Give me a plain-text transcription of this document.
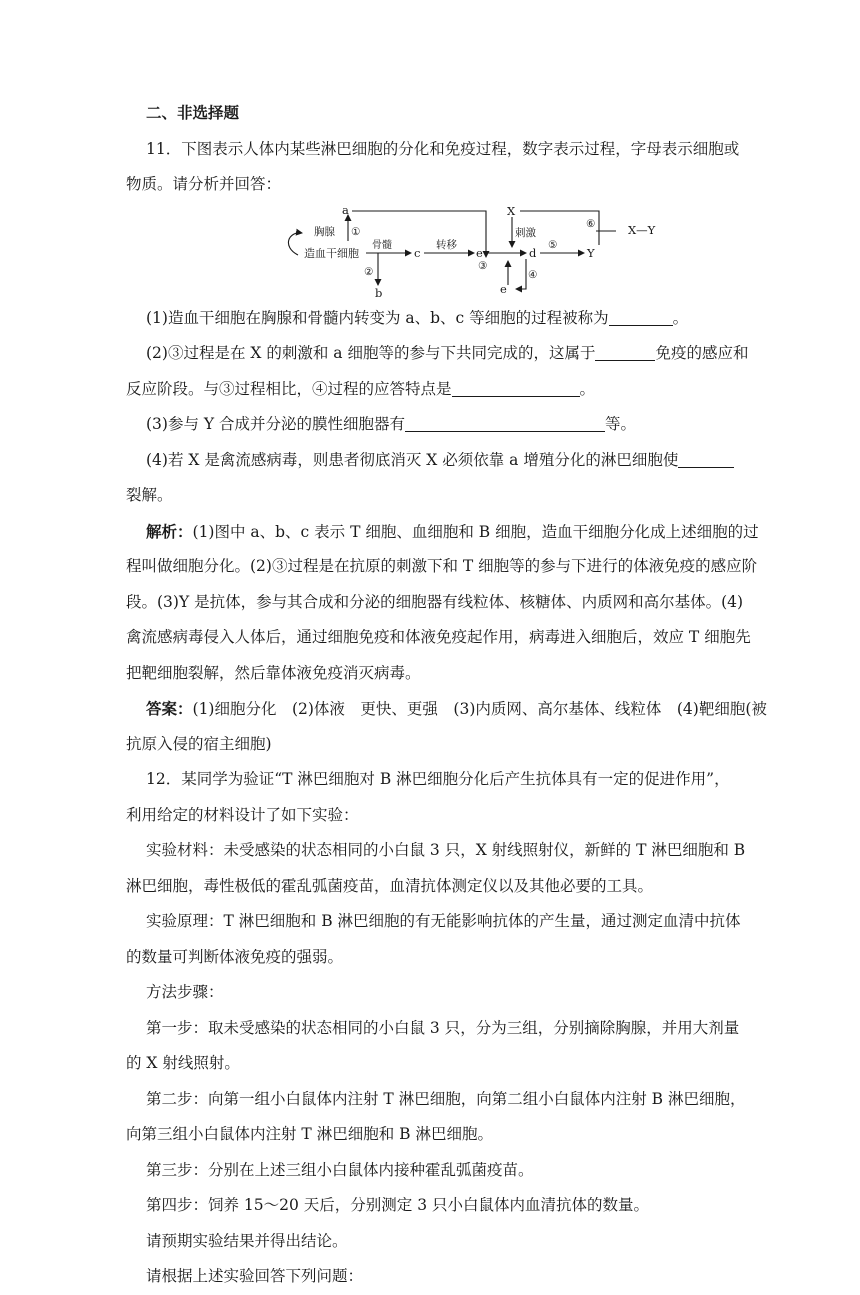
二、非选择题
11．下图表示人体内某些淋巴细胞的分化和免疫过程，数字表示过程，字母表示细胞或
物质。请分析并回答：
a
胸腺 ①
造血干细胞
骨髓
c
转移
②
b
e
③
X
刺激
d
⑤
Y
⑥
④
e
X—Y
(1)造血干细胞在胸腺和骨髓内转变为 a、b、c 等细胞的过程被称为	。
(2)③过程是在 X 的刺激和 a 细胞等的参与下共同完成的，这属于	免疫的感应和
反应阶段。与③过程相比，④过程的应答特点是	。
(3)参与 Y 合成并分泌的膜性细胞器有	等。
(4)若 X 是禽流感病毒，则患者彻底消灭 X 必须依靠 a 增殖分化的淋巴细胞使
裂解。
解析：(1)图中 a、b、c 表示 T 细胞、血细胞和 B 细胞，造血干细胞分化成上述细胞的过
程叫做细胞分化。(2)③过程是在抗原的刺激下和 T 细胞等的参与下进行的体液免疫的感应阶
段。(3)Y 是抗体，参与其合成和分泌的细胞器有线粒体、核糖体、内质网和高尔基体。(4)
禽流感病毒侵入人体后，通过细胞免疫和体液免疫起作用，病毒进入细胞后，效应 T 细胞先
把靶细胞裂解，然后靠体液免疫消灭病毒。
答案：(1)细胞分化　(2)体液　更快、更强　(3)内质网、高尔基体、线粒体　(4)靶细胞(被
抗原入侵的宿主细胞)
12．某同学为验证“T 淋巴细胞对 B 淋巴细胞分化后产生抗体具有一定的促进作用”，
利用给定的材料设计了如下实验：
实验材料：未受感染的状态相同的小白鼠 3 只，X 射线照射仪，新鲜的 T 淋巴细胞和 B
淋巴细胞，毒性极低的霍乱弧菌疫苗，血清抗体测定仪以及其他必要的工具。
实验原理：T 淋巴细胞和 B 淋巴细胞的有无能影响抗体的产生量，通过测定血清中抗体
的数量可判断体液免疫的强弱。
方法步骤：
第一步：取未受感染的状态相同的小白鼠 3 只，分为三组，分别摘除胸腺，并用大剂量
的 X 射线照射。
第二步：向第一组小白鼠体内注射 T 淋巴细胞，向第二组小白鼠体内注射 B 淋巴细胞，
向第三组小白鼠体内注射 T 淋巴细胞和 B 淋巴细胞。
第三步：分别在上述三组小白鼠体内接种霍乱弧菌疫苗。
第四步：饲养 15～20 天后，分别测定 3 只小白鼠体内血清抗体的数量。
请预期实验结果并得出结论。
请根据上述实验回答下列问题：
